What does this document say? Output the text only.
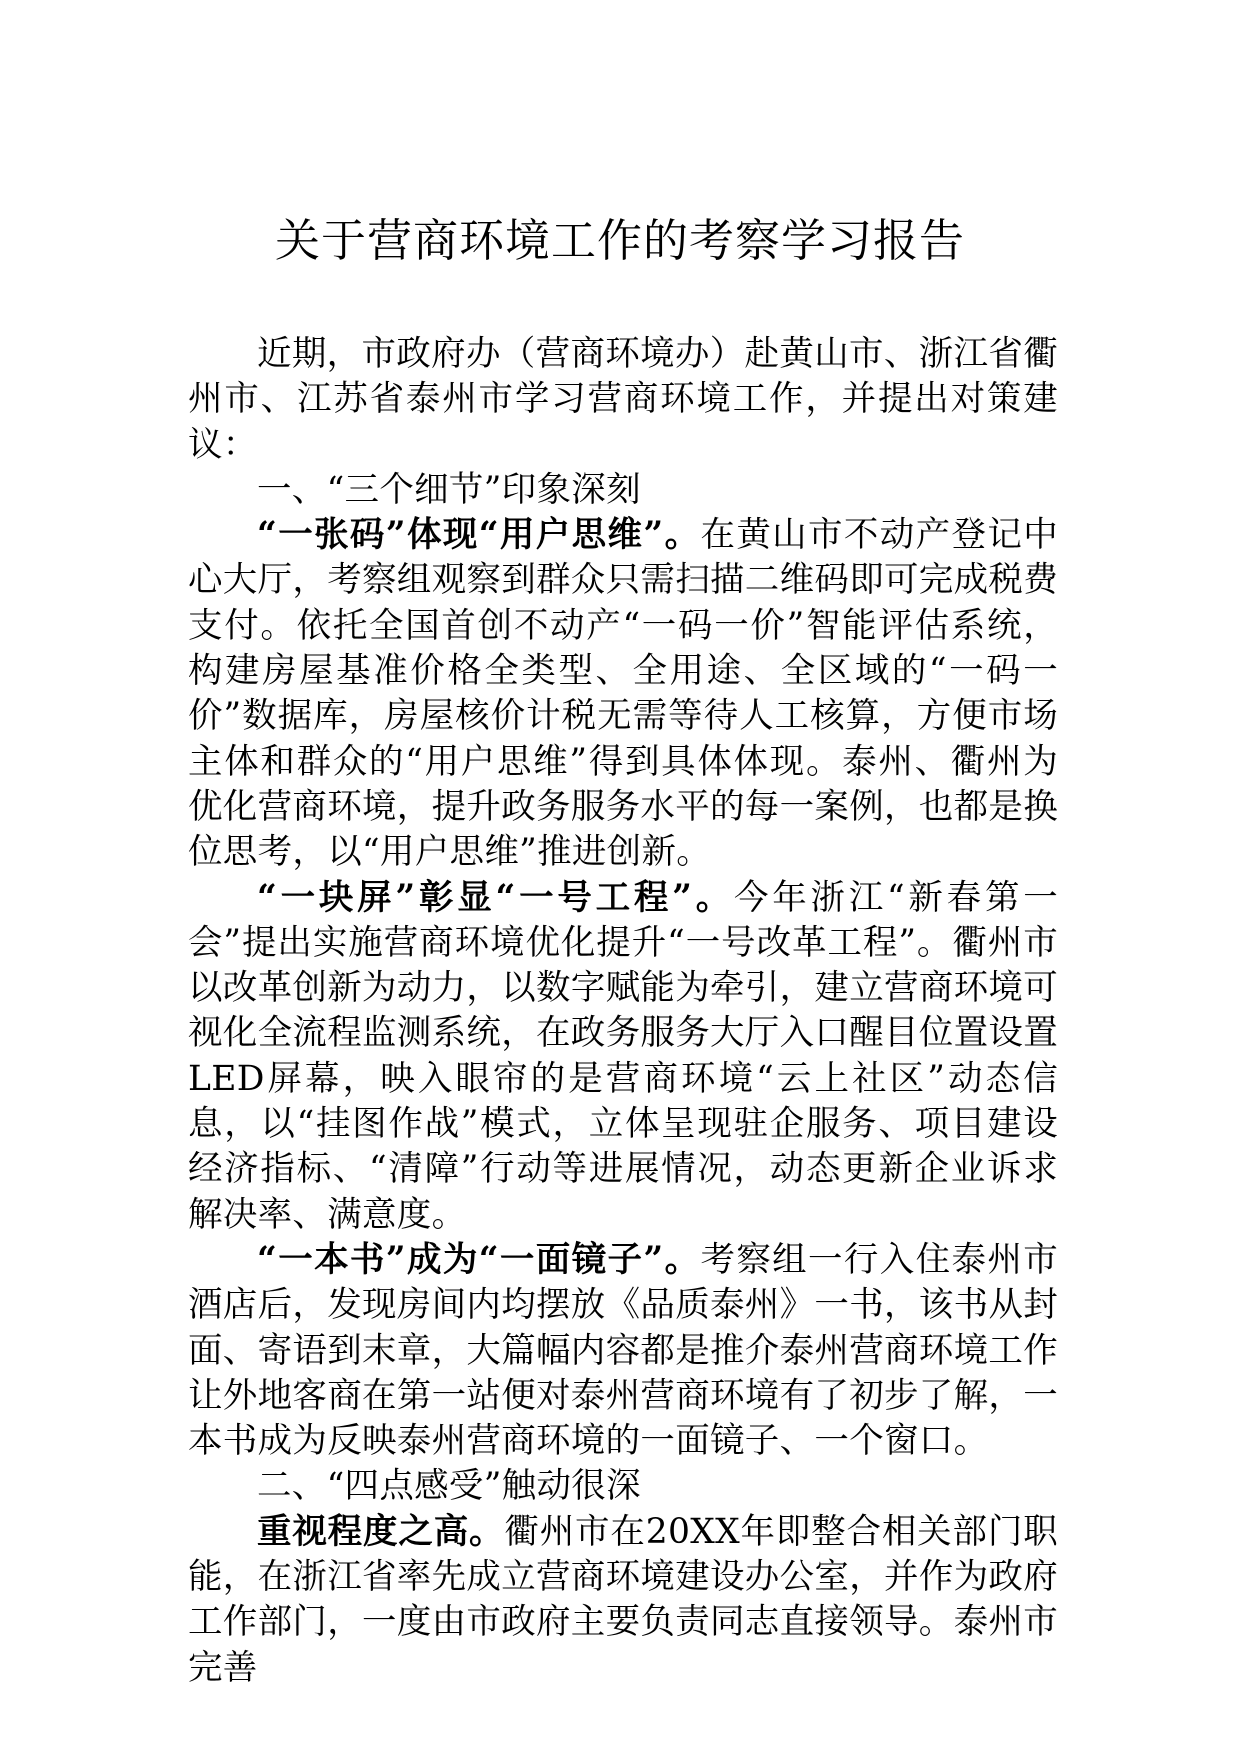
关于营商环境工作的考察学习报告

近期，市政府办（营商环境办）赴黄山市、浙江省衢州市、江苏省泰州市学习营商环境工作，并提出对策建议：

一、“三个细节”印象深刻

“一张码”体现“用户思维”。在黄山市不动产登记中心大厅，考察组观察到群众只需扫描二维码即可完成税费支付。依托全国首创不动产“一码一价”智能评估系统，构建房屋基准价格全类型、全用途、全区域的“一码一价”数据库，房屋核价计税无需等待人工核算，方便市场主体和群众的“用户思维”得到具体体现。泰州、衢州为优化营商环境，提升政务服务水平的每一案例，也都是换位思考，以“用户思维”推进创新。

“一块屏”彰显“一号工程”。今年浙江“新春第一会”提出实施营商环境优化提升“一号改革工程”。衢州市以改革创新为动力，以数字赋能为牵引，建立营商环境可视化全流程监测系统，在政务服务大厅入口醒目位置设置LED屏幕，映入眼帘的是营商环境“云上社区”动态信息，以“挂图作战”模式，立体呈现驻企服务、项目建设经济指标、“清障”行动等进展情况，动态更新企业诉求解决率、满意度。

“一本书”成为“一面镜子”。考察组一行入住泰州市酒店后，发现房间内均摆放《品质泰州》一书，该书从封面、寄语到末章，大篇幅内容都是推介泰州营商环境工作让外地客商在第一站便对泰州营商环境有了初步了解，一本书成为反映泰州营商环境的一面镜子、一个窗口。

二、“四点感受”触动很深

重视程度之高。衢州市在20XX年即整合相关部门职能，在浙江省率先成立营商环境建设办公室，并作为政府工作部门，一度由市政府主要负责同志直接领导。泰州市完善
